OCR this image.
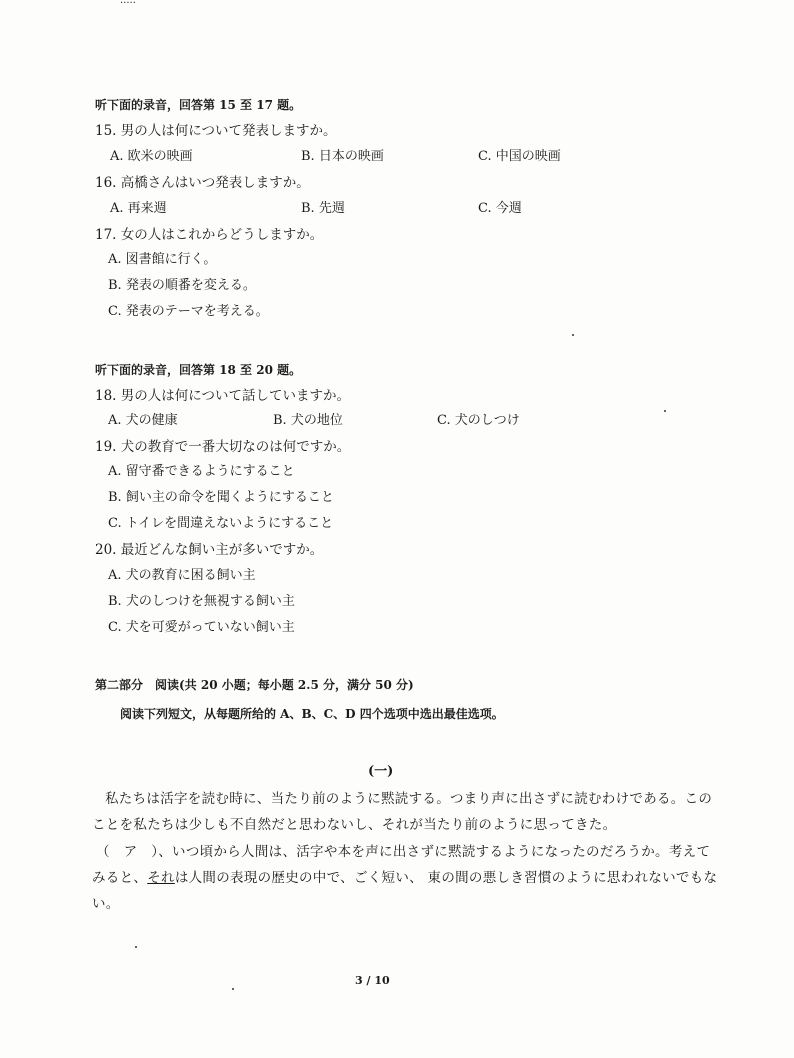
.....
听下面的录音，回答第 15 至 17 题。
15. 男の人は何について発表しますか。
A. 欧米の映画	B. 日本の映画	C. 中国の映画
16. 高橋さんはいつ発表しますか。
A. 再来週	B. 先週	C. 今週
17. 女の人はこれからどうしますか。
A. 図書館に行く。
B. 発表の順番を変える。
C. 発表のテーマを考える。
听下面的录音，回答第 18 至 20 题。
18. 男の人は何について話していますか。
A. 犬の健康	B. 犬の地位	C. 犬のしつけ
19. 犬の教育で一番大切なのは何ですか。
A. 留守番できるようにすること
B. 飼い主の命令を聞くようにすること
C. トイレを間違えないようにすること
20. 最近どんな飼い主が多いですか。
A. 犬の教育に困る飼い主
B. 犬のしつけを無視する飼い主
C. 犬を可愛がっていない飼い主
第二部分　阅读(共 20 小题；每小题 2.5 分，满分 50 分)
阅读下列短文，从每题所给的 A、B、C、D 四个选项中选出最佳选项。
(一)
私たちは活字を読む時に、当たり前のように黙読する。つまり声に出さずに読むわけである。この
ことを私たちは少しも不自然だと思わないし、それが当たり前のように思ってきた。
（　ア　）、いつ頃から人間は、活字や本を声に出さずに黙読するようになったのだろうか。考えて
みると、それは人間の表現の歴史の中で、ごく短い、 東の間の悪しき習慣のように思われないでもな
い。
3 / 10
